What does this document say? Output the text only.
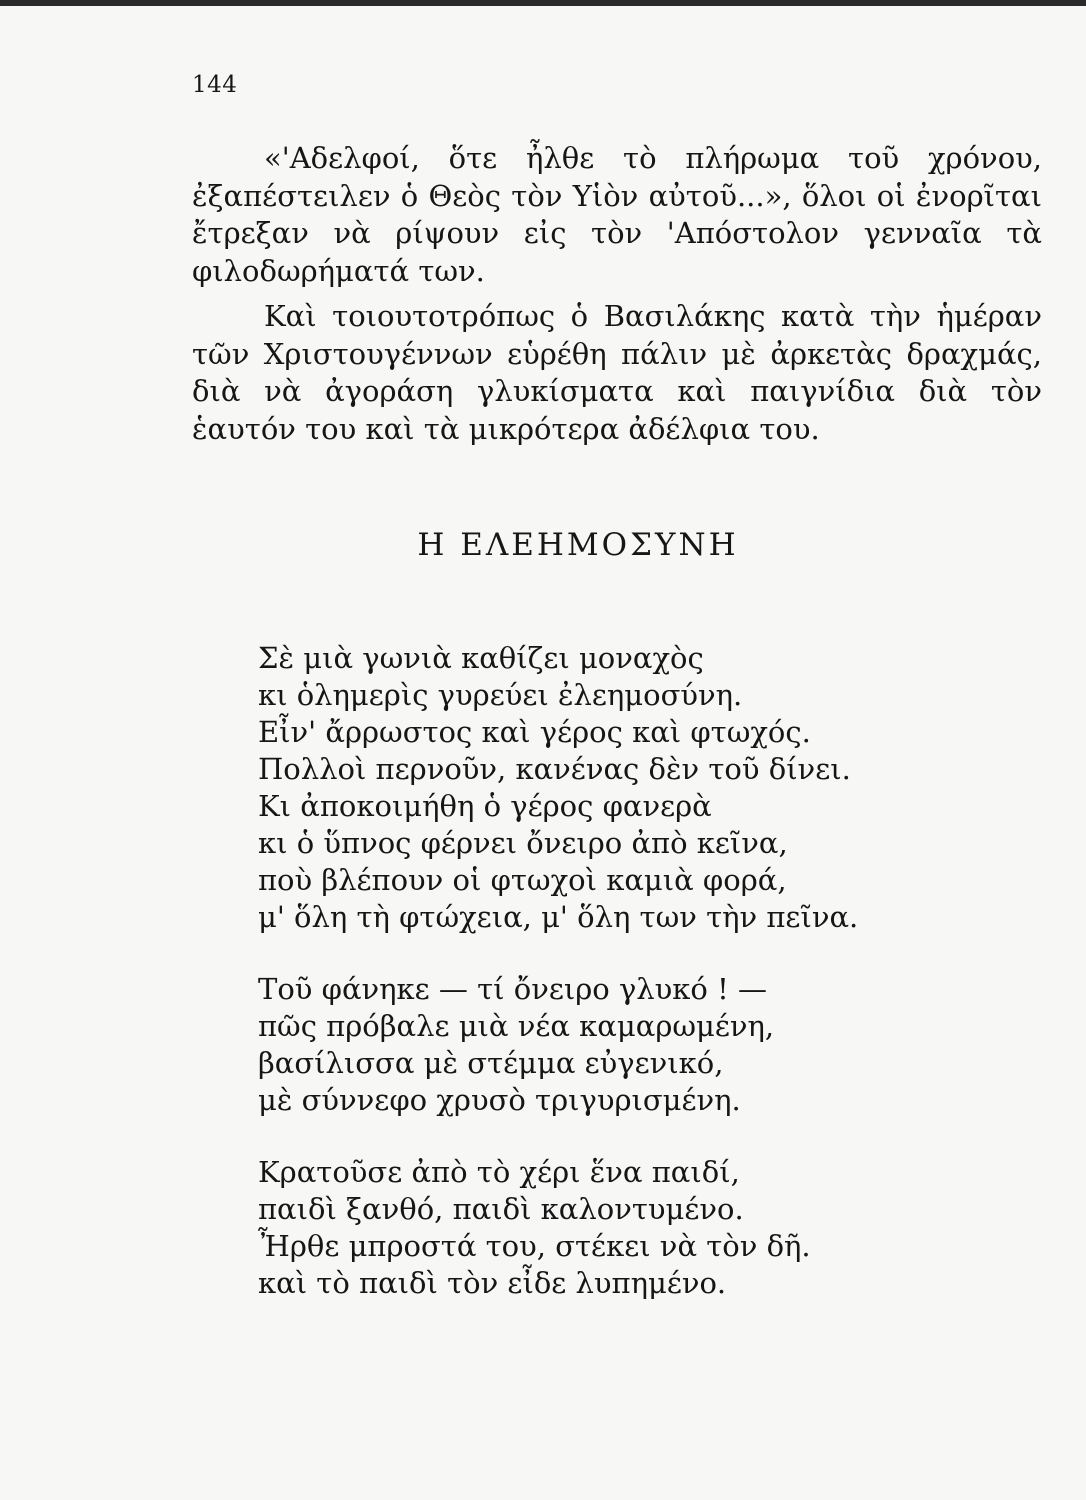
144

«'Αδελφοί, ὅτε ἦλθε τὸ πλήρωμα τοῦ χρόνου, ἐξαπέστειλεν ὁ Θεὸς τὸν Υἱὸν αὐτοῦ...», ὅλοι οἱ ἐνορῖται ἔτρεξαν νὰ ρίψουν εἰς τὸν 'Απόστολον γενναῖα τὰ φιλοδωρήματά των.

Καὶ τοιουτοτρόπως ὁ Βασιλάκης κατὰ τὴν ἡμέραν τῶν Χριστουγέννων εὑρέθη πάλιν μὲ ἀρκετὰς δραχμάς, διὰ νὰ ἀγοράση γλυκίσματα καὶ παιγνίδια διὰ τὸν ἑαυτόν του καὶ τὰ μικρότερα ἀδέλφια του.

Η ΕΛΕΗΜΟΣΥΝΗ
Σὲ μιὰ γωνιὰ καθίζει μοναχὸς
κι ὁλημερὶς γυρεύει ἐλεημοσύνη.
Εἶν' ἄρρωστος καὶ γέρος καὶ φτωχός.
Πολλοὶ περνοῦν, κανένας δὲν τοῦ δίνει.
Κι ἀποκοιμήθη ὁ γέρος φανερὰ
κι ὁ ὕπνος φέρνει ὄνειρο ἀπὸ κεῖνα,
ποὺ βλέπουν οἱ φτωχοὶ καμιὰ φορά,
μ' ὅλη τὴ φτώχεια, μ' ὅλη των τὴν πεῖνα.
Τοῦ φάνηκε — τί ὄνειρο γλυκό ! —
πῶς πρόβαλε μιὰ νέα καμαρωμένη,
βασίλισσα μὲ στέμμα εὐγενικό,
μὲ σύννεφο χρυσὸ τριγυρισμένη.
Κρατοῦσε ἀπὸ τὸ χέρι ἕνα παιδί,
παιδὶ ξανθό, παιδὶ καλοντυμένο.
Ἦρθε μπροστά του, στέκει νὰ τὸν δῆ.
καὶ τὸ παιδὶ τὸν εἶδε λυπημένο.
